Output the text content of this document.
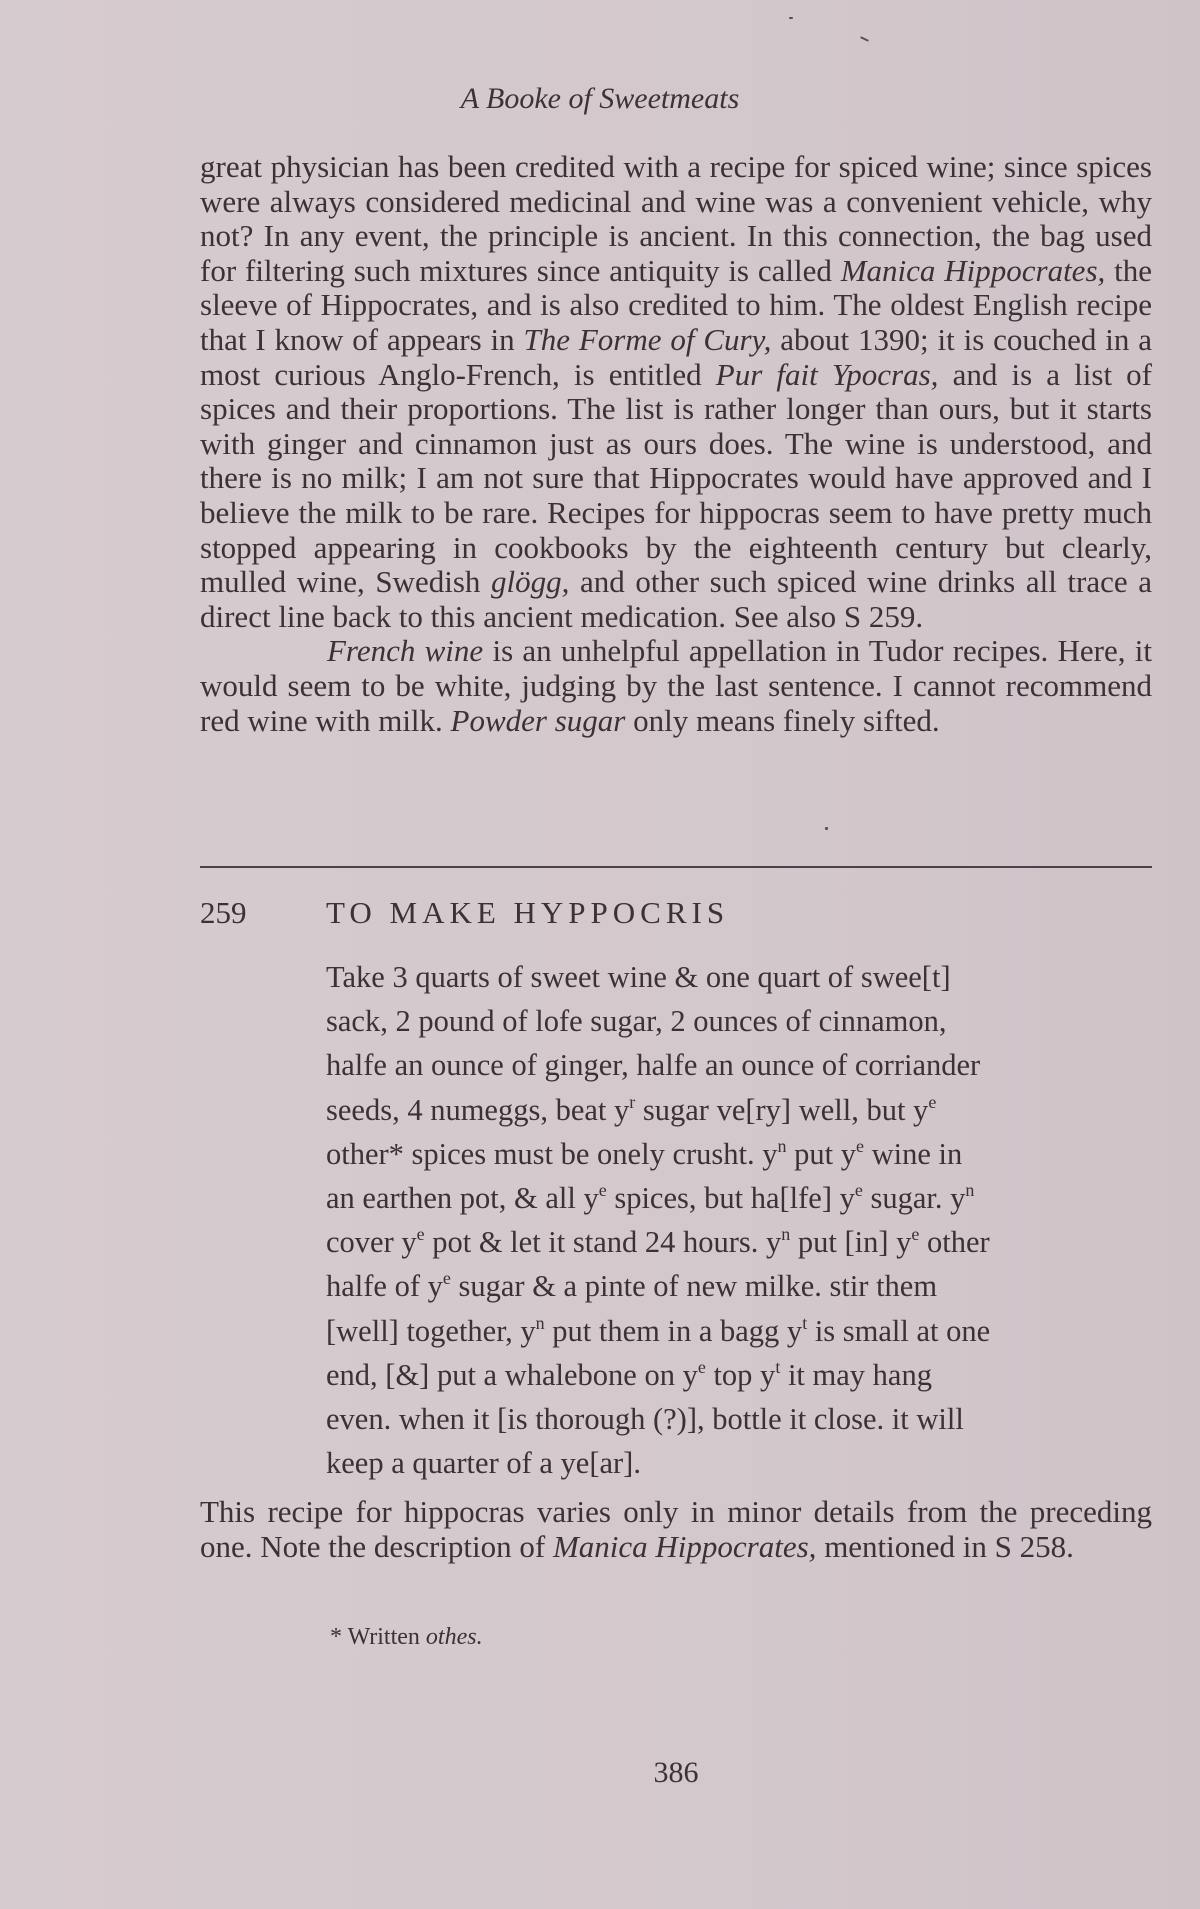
A Booke of Sweetmeats

great physician has been credited with a recipe for spiced wine; since spices were always considered medicinal and wine was a convenient vehicle, why not? In any event, the principle is ancient. In this connection, the bag used for filtering such mixtures since antiquity is called Manica Hippocrates, the sleeve of Hippocrates, and is also credited to him. The oldest English recipe that I know of appears in The Forme of Cury, about 1390; it is couched in a most curious Anglo-French, is entitled Pur fait Ypocras, and is a list of spices and their proportions. The list is rather longer than ours, but it starts with ginger and cinnamon just as ours does. The wine is understood, and there is no milk; I am not sure that Hippocrates would have approved and I believe the milk to be rare. Recipes for hippocras seem to have pretty much stopped appearing in cookbooks by the eighteenth century but clearly, mulled wine, Swedish glögg, and other such spiced wine drinks all trace a direct line back to this ancient medication. See also S 259.

French wine is an unhelpful appellation in Tudor recipes. Here, it would seem to be white, judging by the last sentence. I cannot recommend red wine with milk. Powder sugar only means finely sifted.

259	TO MAKE HYPPOCRIS
Take 3 quarts of sweet wine & one quart of swee[t]
sack, 2 pound of lofe sugar, 2 ounces of cinnamon,
halfe an ounce of ginger, halfe an ounce of corriander
seeds, 4 numeggs, beat $y^r$ sugar ve[ry] well, but $y^e$
other* spices must be onely crusht. $y^n$ put $y^e$ wine in
an earthen pot, & all $y^e$ spices, but ha[lfe] $y^e$ sugar. $y^n$
cover $y^e$ pot & let it stand 24 hours. $y^n$ put [in] $y^e$ other
halfe of $y^e$ sugar & a pinte of new milke. stir them
[well] together, $y^n$ put them in a bagg $y^t$ is small at one
end, [&] put a whalebone on $y^e$ top $y^t$ it may hang
even. when it [is thorough (?)], bottle it close. it will
keep a quarter of a ye[ar].

This recipe for hippocras varies only in minor details from the preceding one. Note the description of Manica Hippocrates, mentioned in S 258.

* Written othes.
386
